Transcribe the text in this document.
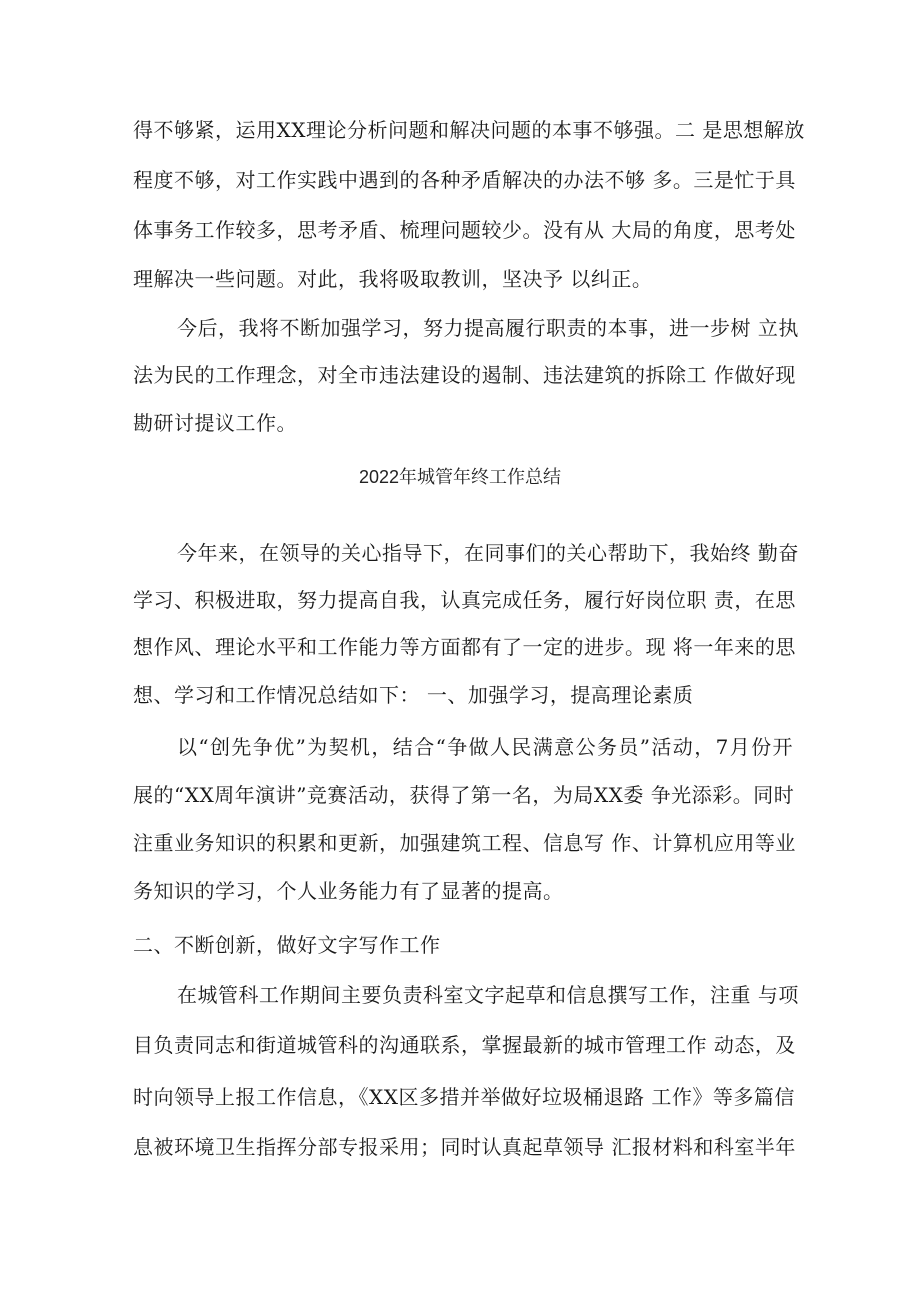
得不够紧，运用XX理论分析问题和解决问题的本事不够强。二 是思想解放
程度不够，对工作实践中遇到的各种矛盾解决的办法不够 多。三是忙于具
体事务工作较多，思考矛盾、梳理问题较少。没有从 大局的角度，思考处
理解决一些问题。对此，我将吸取教训，坚决予 以纠正。
今后，我将不断加强学习，努力提高履行职责的本事，进一步树 立执
法为民的工作理念，对全市违法建设的遏制、违法建筑的拆除工 作做好现
勘研讨提议工作。
2022年城管年终工作总结
今年来，在领导的关心指导下，在同事们的关心帮助下，我始终 勤奋
学习、积极进取，努力提高自我，认真完成任务，履行好岗位职 责，在思
想作风、理论水平和工作能力等方面都有了一定的进步。现 将一年来的思
想、学习和工作情况总结如下： 一、加强学习，提高理论素质
以“创先争优”为契机，结合“争做人民满意公务员”活动，7月份开
展的“XX周年演讲”竞赛活动，获得了第一名，为局XX委 争光添彩。同时
注重业务知识的积累和更新，加强建筑工程、信息写 作、计算机应用等业
务知识的学习，个人业务能力有了显著的提高。
二、不断创新，做好文字写作工作
在城管科工作期间主要负责科室文字起草和信息撰写工作，注重 与项
目负责同志和街道城管科的沟通联系，掌握最新的城市管理工作 动态，及
时向领导上报工作信息，《XX区多措并举做好垃圾桶退路 工作》等多篇信
息被环境卫生指挥分部专报采用；同时认真起草领导 汇报材料和科室半年
